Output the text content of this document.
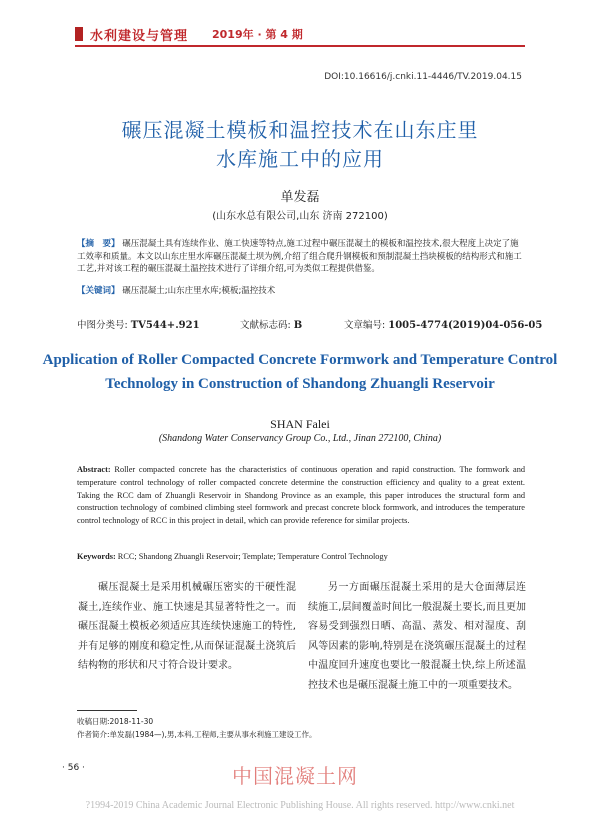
水利建设与管理 2019年 · 第 4 期
DOI:10.16616/j.cnki.11-4446/TV.2019.04.15
碾压混凝土模板和温控技术在山东庄里
水库施工中的应用
单发磊
(山东水总有限公司,山东 济南 272100)
【摘　要】 碾压混凝土具有连续作业、施工快速等特点,施工过程中碾压混凝土的模板和温控技术,很大程度上决定了施工效率和质量。本文以山东庄里水库碾压混凝土坝为例,介绍了组合爬升钢模板和预制混凝土挡块模板的结构形式和施工工艺,并对该工程的碾压混凝土温控技术进行了详细介绍,可为类似工程提供借鉴。
【关键词】 碾压混凝土;山东庄里水库;模板;温控技术
中图分类号: TV544+.921	文献标志码: B	文章编号: 1005-4774(2019)04-056-05
Application of Roller Compacted Concrete Formwork and Temperature Control Technology in Construction of Shandong Zhuangli Reservoir
SHAN Falei
(Shandong Water Conservancy Group Co., Ltd., Jinan 272100, China)
Abstract: Roller compacted concrete has the characteristics of continuous operation and rapid construction. The formwork and temperature control technology of roller compacted concrete determine the construction efficiency and quality to a great extent. Taking the RCC dam of Zhuangli Reservoir in Shandong Province as an example, this paper introduces the structural form and construction technology of combined climbing steel formwork and precast concrete block formwork, and introduces the temperature control technology of RCC in this project in detail, which can provide reference for similar projects.
Keywords: RCC; Shandong Zhuangli Reservoir; Template; Temperature Control Technology
碾压混凝土是采用机械碾压密实的干硬性混凝土,连续作业、施工快速是其显著特性之一。而碾压混凝土模板必须适应其连续快速施工的特性,并有足够的刚度和稳定性,从而保证混凝土浇筑后结构物的形状和尺寸符合设计要求。
另一方面碾压混凝土采用的是大仓面薄层连续施工,层间覆盖时间比一般混凝土要长,而且更加容易受到强烈日晒、高温、蒸发、相对湿度、刮风等因素的影响,特别是在浇筑碾压混凝土的过程中温度回升速度也要比一般混凝土快,综上所述温控技术也是碾压混凝土施工中的一项重要技术。
收稿日期:2018-11-30
作者简介:单发磊(1984—),男,本科,工程师,主要从事水利施工建设工作。
· 56 ·	中国混凝土网
?1994-2019 China Academic Journal Electronic Publishing House. All rights reserved. http://www.cnki.net
